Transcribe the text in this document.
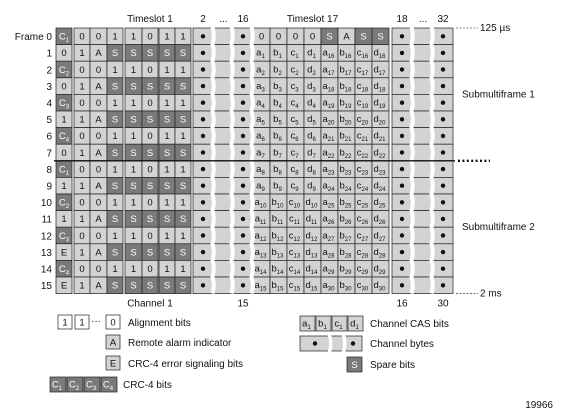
Timeslot 1	2 ... 16	Timeslot 17	18 ... 32
Channel 1	15	16	30
Frame 0 $C_1$ 0 0 1 1 0 1 1	0 0 0 0 S A S S
1 0 1 A S S S S S	$a_1$ $b_1$ $c_1$ $d_1$ $a_{16}$ $b_{16}$ $c_{16}$ $d_{16}$
2 $C_2$ 0 0 1 1 0 1 1	$a_2$ $b_2$ $c_2$ $d_2$ $a_{17}$ $b_{17}$ $c_{17}$ $d_{17}$
3 0 1 A S S S S S	$a_3$ $b_3$ $c_3$ $d_3$ $a_{18}$ $b_{18}$ $c_{18}$ $d_{18}$
4 $C_3$ 0 0 1 1 0 1 1	$a_4$ $b_4$ $c_4$ $d_4$ $a_{19}$ $b_{19}$ $c_{19}$ $d_{19}$
5 1 1 A S S S S S	$a_5$ $b_5$ $c_5$ $d_5$ $a_{20}$ $b_{20}$ $c_{20}$ $d_{20}$
6 $C_4$ 0 0 1 1 0 1 1	$a_6$ $b_6$ $c_6$ $d_6$ $a_{21}$ $b_{21}$ $c_{21}$ $d_{21}$
7 0 1 A S S S S S	$a_7$ $b_7$ $c_7$ $d_7$ $a_{22}$ $b_{22}$ $c_{22}$ $d_{22}$
8 $C_1$ 0 0 1 1 0 1 1	$a_8$ $b_8$ $c_8$ $d_8$ $a_{23}$ $b_{23}$ $c_{23}$ $d_{23}$
9 1 1 A S S S S S	$a_9$ $b_9$ $c_9$ $d_9$ $a_{24}$ $b_{24}$ $c_{24}$ $d_{24}$
10 $C_2$ 0 0 1 1 0 1 1	$a_{10}$ $b_{10}$ $c_{10}$ $d_{10}$ $a_{25}$ $b_{25}$ $c_{25}$ $d_{25}$
11 1 1 A S S S S S	$a_{11}$ $b_{11}$ $c_{11}$ $d_{11}$ $a_{26}$ $b_{26}$ $c_{26}$ $d_{26}$
12 $C_3$ 0 0 1 1 0 1 1	$a_{12}$ $b_{12}$ $c_{12}$ $d_{12}$ $a_{27}$ $b_{27}$ $c_{27}$ $d_{27}$
13 E 1 A S S S S S	$a_{13}$ $b_{13}$ $c_{13}$ $d_{13}$ $a_{28}$ $b_{28}$ $c_{28}$ $d_{28}$
14 $C_4$ 0 0 1 1 0 1 1	$a_{14}$ $b_{14}$ $c_{14}$ $d_{14}$ $a_{29}$ $b_{29}$ $c_{29}$ $d_{29}$
15 E 1 A S S S S S	$a_{15}$ $b_{15}$ $c_{15}$ $d_{15}$ $a_{30}$ $b_{30}$ $c_{30}$ $d_{30}$
Submultiframe 1
Submultiframe 2
125 µs
2 ms
1 1 ··· 0 Alignment bits
A Remote alarm indicator
E CRC-4 error signaling bits
$C_1$ $C_2$ $C_3$ $C_4$ CRC-4 bits
$a_1$ $b_1$ $c_1$ $d_1$ Channel CAS bits
Channel bytes
S Spare bits
19966
